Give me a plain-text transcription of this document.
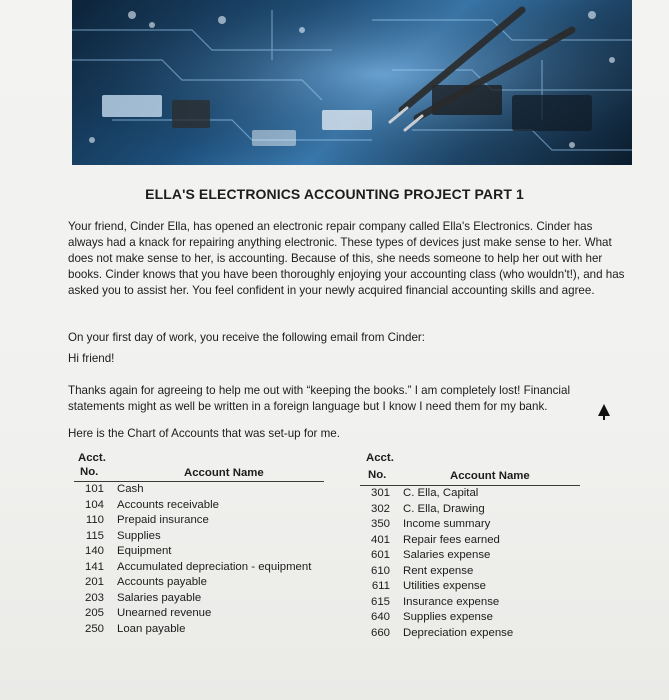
ELLA'S ELECTRONICS ACCOUNTING PROJECT PART 1
Your friend, Cinder Ella, has opened an electronic repair company called Ella's Electronics. Cinder has always had a knack for repairing anything electronic. These types of devices just make sense to her. What does not make sense to her, is accounting. Because of this, she needs someone to help her out with her books. Cinder knows that you have been thoroughly enjoying your accounting class (who wouldn't!), and has asked you to assist her. You feel confident in your newly acquired financial accounting skills and agree.
On your first day of work, you receive the following email from Cinder:
Hi friend!
Thanks again for agreeing to help me out with “keeping the books.” I am completely lost! Financial statements might as well be written in a foreign language but I know I need them for my bank.
Here is the Chart of Accounts that was set-up for me.
Acct.
No.	Account Name
101 Cash
104 Accounts receivable
110 Prepaid insurance
115 Supplies
140 Equipment
141 Accumulated depreciation - equipment
201 Accounts payable
203 Salaries payable
205 Unearned revenue
250 Loan payable
Acct.
No.	Account Name
301 C. Ella, Capital
302 C. Ella, Drawing
350 Income summary
401 Repair fees earned
601 Salaries expense
610 Rent expense
611 Utilities expense
615 Insurance expense
640 Supplies expense
660 Depreciation expense
